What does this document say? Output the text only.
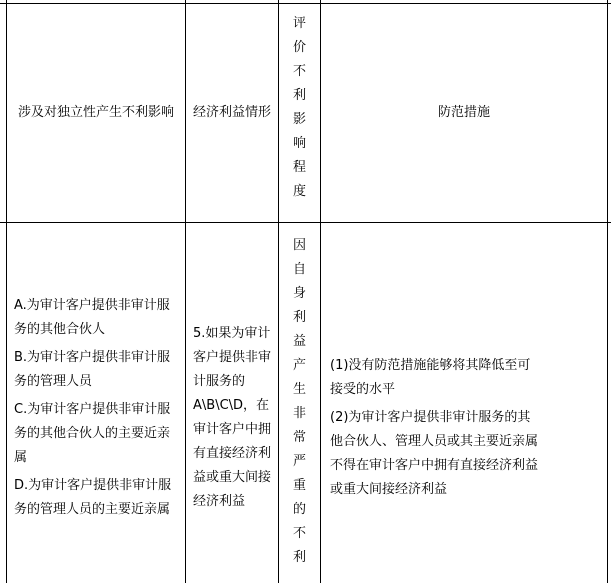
涉及对独立性产生不利影响 经济利益情形
评
价
不
利
影
响
程
度
防范措施

A.为审计客户提供非审计服务的其他合伙人

B.为审计客户提供非审计服务的管理人员

C.为审计客户提供非审计服务的其他合伙人的主要近亲属

D.为审计客户提供非审计服务的管理人员的主要近亲属

5.如果为审计客户提供非审计服务的A\B\C\D，在审计客户中拥有直接经济利益或重大间接经济利益
因
自
身
利
益
产
生
非
常
严
重
的
不
利

(1)没有防范措施能够将其降低至可接受的水平

(2)为审计客户提供非审计服务的其他合伙人、管理人员或其主要近亲属不得在审计客户中拥有直接经济利益或重大间接经济利益
